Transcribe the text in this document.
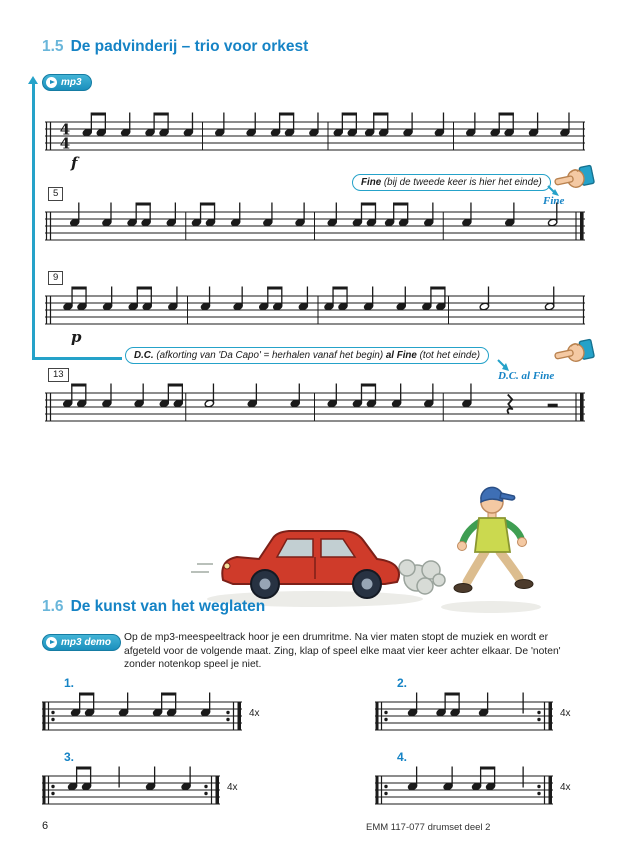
1.5 De padvinderij – trio voor orkest
mp3
4
4
f
Fine (bij de tweede keer is hier het einde)
Fine
5
9
p
D.C. (afkorting van 'Da Capo' = herhalen vanaf het begin) al Fine (tot het einde)
D.C. al Fine
13
1.6 De kunst van het weglaten
mp3 demo Op de mp3-meespeeltrack hoor je een drumritme. Na vier maten stopt de muziek en wordt er afgeteld voor de volgende maat. Zing, klap of speel elke maat vier keer achter elkaar. De 'noten' zonder notenkop speel je niet.
1.
4x
2.
4x
3.
4x
4.
4x
6	EMM 117-077 drumset deel 2
